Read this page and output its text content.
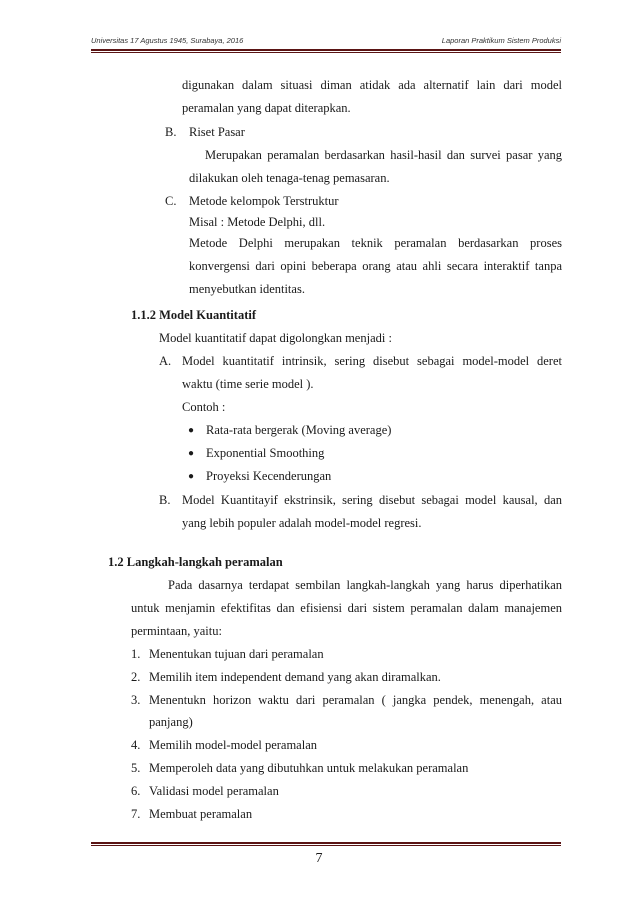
Universitas 17 Agustus 1945, Surabaya, 2016	Laporan Praktikum Sistem Produksi
digunakan dalam situasi diman atidak ada alternatif lain dari model
peramalan yang dapat diterapkan.
B. Riset Pasar
Merupakan peramalan berdasarkan hasil-hasil dan survei pasar yang
dilakukan oleh tenaga-tenag pemasaran.
C. Metode kelompok Terstruktur
Misal : Metode Delphi, dll.
Metode Delphi merupakan teknik peramalan berdasarkan proses
konvergensi dari opini beberapa orang atau ahli secara interaktif tanpa
menyebutkan identitas.
1.1.2 Model Kuantitatif
Model kuantitatif dapat digolongkan menjadi :
A. Model kuantitatif intrinsik, sering disebut sebagai model-model deret
waktu (time serie model ).
Contoh :
● Rata-rata bergerak (Moving average)
● Exponential Smoothing
● Proyeksi Kecenderungan
B. Model Kuantitayif ekstrinsik, sering disebut sebagai model kausal, dan
yang lebih populer adalah model-model regresi.
1.2 Langkah-langkah peramalan
Pada dasarnya terdapat sembilan langkah-langkah yang harus diperhatikan
untuk menjamin efektifitas dan efisiensi dari sistem peramalan dalam manajemen
permintaan, yaitu:
1. Menentukan tujuan dari peramalan
2. Memilih item independent demand yang akan diramalkan.
3. Menentukn horizon waktu dari peramalan ( jangka pendek, menengah, atau
panjang)
4. Memilih model-model peramalan
5. Memperoleh data yang dibutuhkan untuk melakukan peramalan
6. Validasi model peramalan
7. Membuat peramalan
7
